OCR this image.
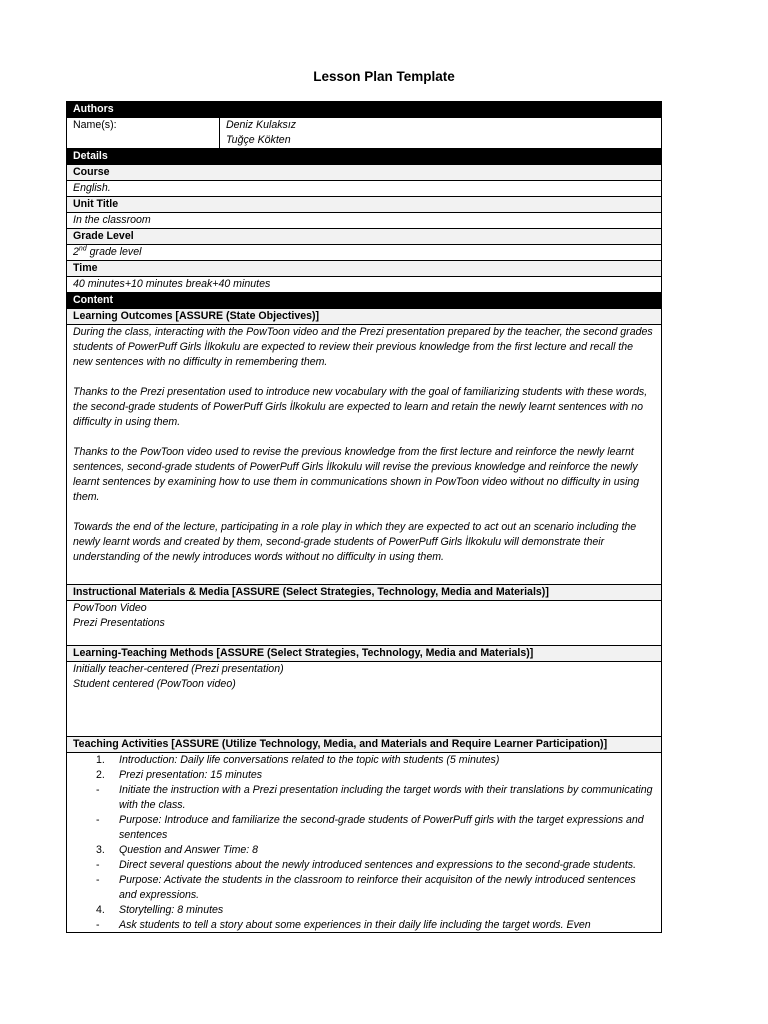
Lesson Plan Template
Authors
Name(s):	Deniz Kulaksız
Tuğçe Kökten

Details
Course
English.
Unit Title
In the classroom
Grade Level
2nd grade level
Time
40 minutes+10 minutes break+40 minutes
Content
Learning Outcomes [ASSURE (State Objectives)]

During the class, interacting with the PowToon video and the Prezi presentation prepared by the teacher, the second grades students of PowerPuff Girls İlkokulu are expected to review their previous knowledge from the first lecture and recall the new sentences with no difficulty in remembering them.

Thanks to the Prezi presentation used to introduce new vocabulary with the goal of familiarizing students with these words, the second-grade students of PowerPuff Girls İlkokulu are expected to learn and retain the newly learnt sentences with no difficulty in using them.

Thanks to the PowToon video used to revise the previous knowledge from the first lecture and reinforce the newly learnt sentences, second-grade students of PowerPuff Girls İlkokulu will revise the previous knowledge and reinforce the newly learnt sentences by examining how to use them in communications shown in PowToon video without no difficulty in using them.

Towards the end of the lecture, participating in a role play in which they are expected to act out an scenario including the newly learnt words and created by them, second-grade students of PowerPuff Girls İlkokulu will demonstrate their understanding of the newly introduces words without no difficulty in using them.

Instructional Materials & Media [ASSURE (Select Strategies, Technology, Media and Materials)]

PowToon Video
Prezi Presentations

Learning-Teaching Methods [ASSURE (Select Strategies, Technology, Media and Materials)]

Initially teacher-centered (Prezi presentation)
Student centered (PowToon video)

Teaching Activities [ASSURE (Utilize Technology, Media, and Materials and Require Learner Participation)]

1.	Introduction: Daily life conversations related to the topic with students (5 minutes)
2.	Prezi presentation: 15 minutes
-	Initiate the instruction with a Prezi presentation including the target words with their translations by communicating with the class.
-	Purpose: Introduce and familiarize the second-grade students of PowerPuff girls with the target expressions and sentences
3.	Question and Answer Time: 8
-	Direct several questions about the newly introduced sentences and expressions to the second-grade students.
-	Purpose: Activate the students in the classroom to reinforce their acquisiton of the newly introduced sentences and expressions.
4.	Storytelling: 8 minutes
-	Ask students to tell a story about some experiences in their daily life including the target words. Even
